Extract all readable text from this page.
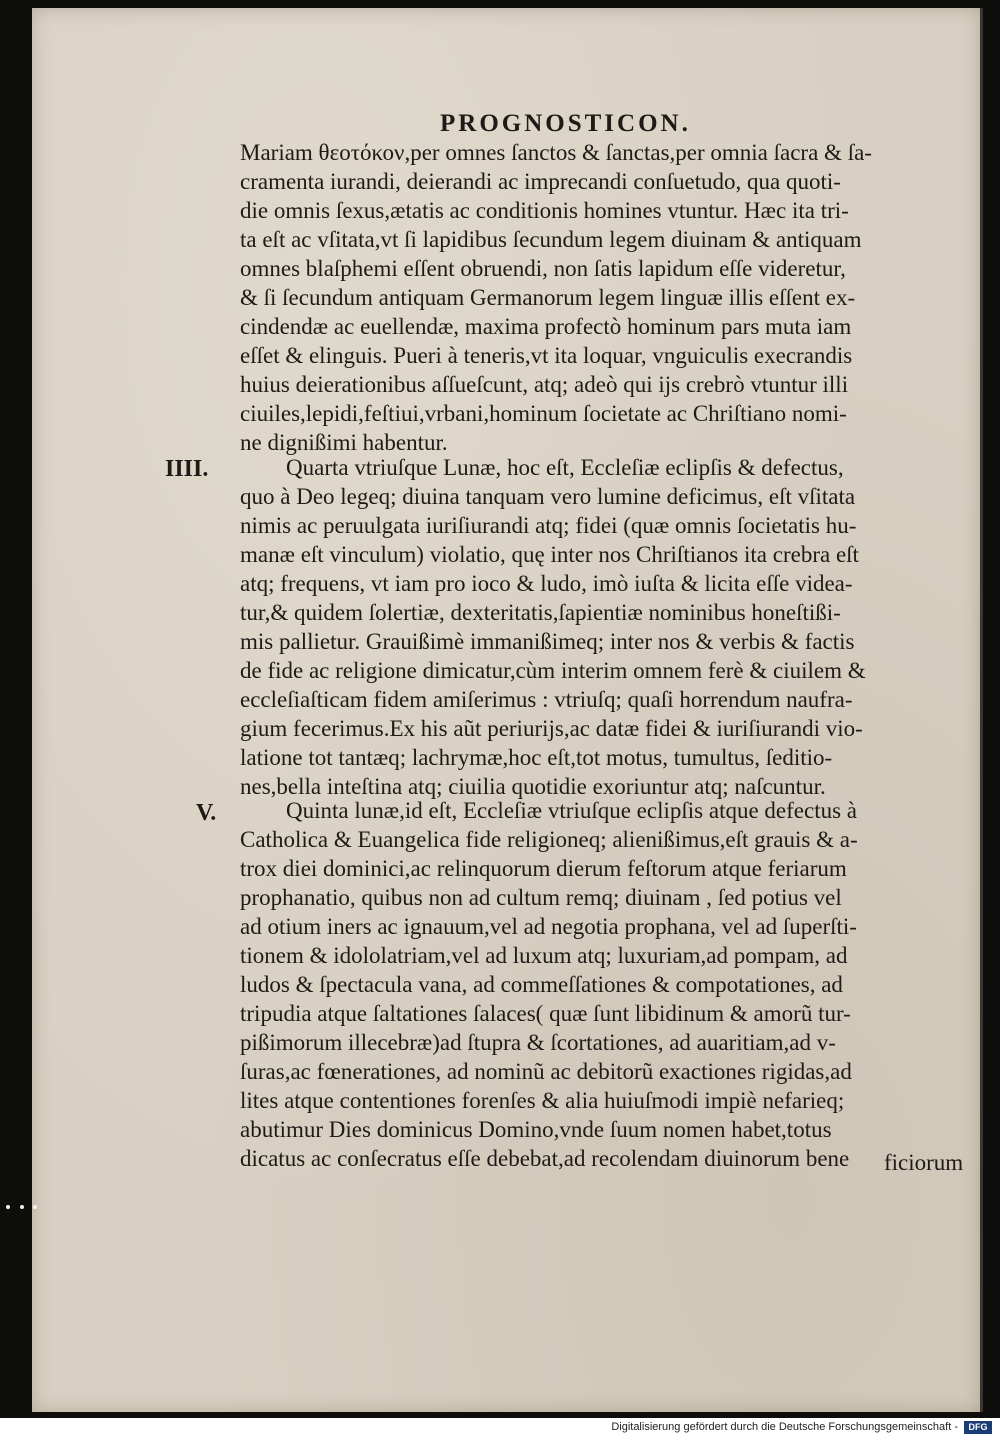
PROGNOSTICON.
IIII.
V.
Mariam θεοτόκον,per omnes ſanctos & ſanctas,per omnia ſacra & ſa-
cramenta iurandi, deierandi ac imprecandi conſuetudo, qua quoti-
die omnis ſexus,ætatis ac conditionis homines vtuntur. Hæc ita tri-
ta eſt ac vſitata,vt ſi lapidibus ſecundum legem diuinam & antiquam
omnes blaſphemi eſſent obruendi, non ſatis lapidum eſſe videretur,
& ſi ſecundum antiquam Germanorum legem linguæ illis eſſent ex-
cindendæ ac euellendæ, maxima profectò hominum pars muta iam
eſſet & elinguis. Pueri à teneris,vt ita loquar, vnguiculis execrandis
huius deierationibus aſſueſcunt, atq; adeò qui ijs crebrò vtuntur illi
ciuiles,lepidi,feſtiui,vrbani,hominum ſocietate ac Chriſtiano nomi-
ne dignißimi habentur.
Quarta vtriuſque Lunæ, hoc eſt, Eccleſiæ eclipſis & defectus,
quo à Deo legeq; diuina tanquam vero lumine deficimus, eſt vſitata
nimis ac peruulgata iuriſiurandi atq; fidei (quæ omnis ſocietatis hu-
manæ eſt vinculum) violatio, quę inter nos Chriſtianos ita crebra eſt
atq; frequens, vt iam pro ioco & ludo, imò iuſta & licita eſſe videa-
tur,& quidem ſolertiæ, dexteritatis,ſapientiæ nominibus honeſtißi-
mis pallietur. Grauißimè immanißimeq; inter nos & verbis & factis
de fide ac religione dimicatur,cùm interim omnem ferè & ciuilem &
eccleſiaſticam fidem amiſerimus : vtriuſq; quaſi horrendum naufra-
gium fecerimus.Ex his aũt periurijs,ac datæ fidei & iuriſiurandi vio-
latione tot tantæq; lachrymæ,hoc eſt,tot motus, tumultus, ſeditio-
nes,bella inteſtina atq; ciuilia quotidie exoriuntur atq; naſcuntur.
Quinta lunæ,id eſt, Eccleſiæ vtriuſque eclipſis atque defectus à
Catholica & Euangelica fide religioneq; alienißimus,eſt grauis & a-
trox diei dominici,ac relinquorum dierum feſtorum atque feriarum
prophanatio, quibus non ad cultum remq; diuinam , ſed potius vel
ad otium iners ac ignauum,vel ad negotia prophana, vel ad ſuperſti-
tionem & idololatriam,vel ad luxum atq; luxuriam,ad pompam, ad
ludos & ſpectacula vana, ad commeſſationes & compotationes, ad
tripudia atque ſaltationes ſalaces( quæ ſunt libidinum & amorũ tur-
pißimorum illecebræ)ad ſtupra & ſcortationes, ad auaritiam,ad v-
ſuras,ac fœnerationes, ad nominũ ac debitorũ exactiones rigidas,ad
lites atque contentiones forenſes & alia huiuſmodi impiè nefarieq;
abutimur Dies dominicus Domino,vnde ſuum nomen habet,totus
dicatus ac conſecratus eſſe debebat,ad recolendam diuinorum bene	ficiorum
Digitalisierung gefördert durch die Deutsche Forschungsgemeinschaft -	DFG
